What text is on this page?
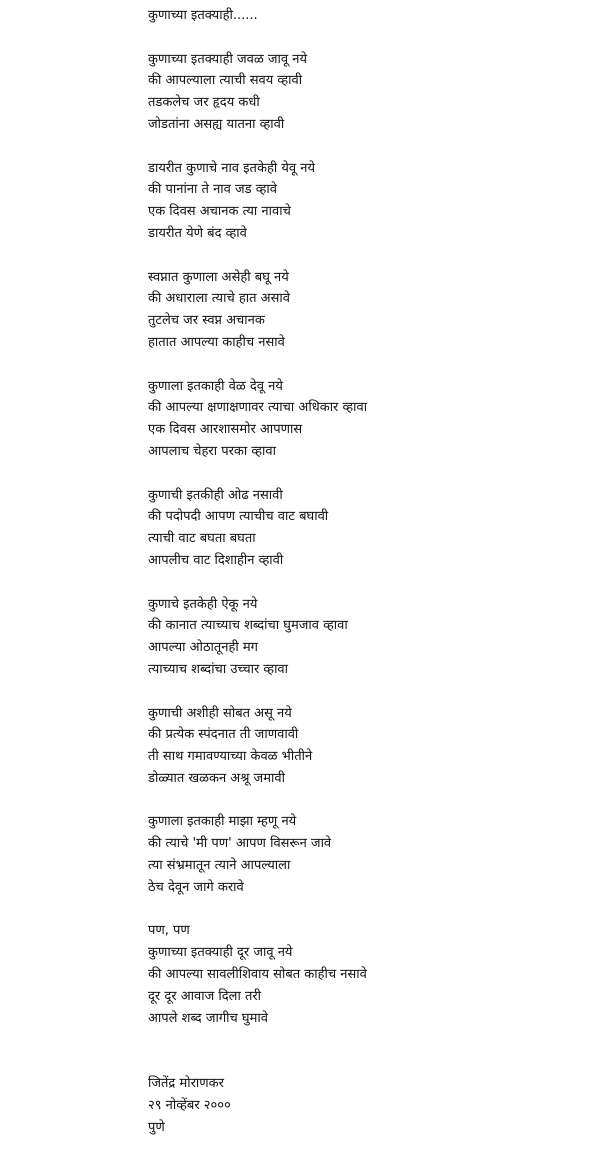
कुणाच्या इतक्याही......
कुणाच्या इतक्याही जवळ जावू नये
की आपल्याला त्याची सवय व्हावी
तडकलेच जर हृदय कधी
जोडतांना असह्य यातना व्हावी
डायरीत कुणाचे नाव इतकेही येवू नये
की पानांना ते नाव जड व्हावे
एक दिवस अचानक त्या नावाचे
डायरीत येणे बंद व्हावे
स्वप्नात कुणाला असेही बघू नये
की अधाराला त्याचे हात असावे
तुटलेच जर स्वप्न अचानक
हातात आपल्या काहीच नसावे
कुणाला इतकाही वेळ देवू नये
की आपल्या क्षणाक्षणावर त्याचा अधिकार व्हावा
एक दिवस आरशासमोर आपणास
आपलाच चेहरा परका व्हावा
कुणाची इतकीही ओढ नसावी
की पदोपदी आपण त्याचीच वाट बघावी
त्याची वाट बघता बघता
आपलीच वाट दिशाहीन व्हावी
कुणाचे इतकेही ऐकू नये
की कानात त्याच्याच शब्दांचा घुमजाव व्हावा
आपल्या ओठातूनही मग
त्याच्याच शब्दांचा उच्चार व्हावा
कुणाची अशीही सोबत असू नये
की प्रत्येक स्पंदनात ती जाणवावी
ती साथ गमावण्याच्या केवळ भीतीने
डोळ्यात खळकन अश्रू जमावी
कुणाला इतकाही माझा म्हणू नये
की त्याचे 'मी पण' आपण विसरून जावे
त्या संभ्रमातून त्याने आपल्याला
ठेच देवून जागे करावे
पण, पण
कुणाच्या इतक्याही दूर जावू नये
की आपल्या सावलीशिवाय सोबत काहीच नसावे
दूर दूर आवाज दिला तरी
आपले शब्द जागीच घुमावे
जितेंद्र मोराणकर
२९ नोव्हेंबर २०००
पुणे
